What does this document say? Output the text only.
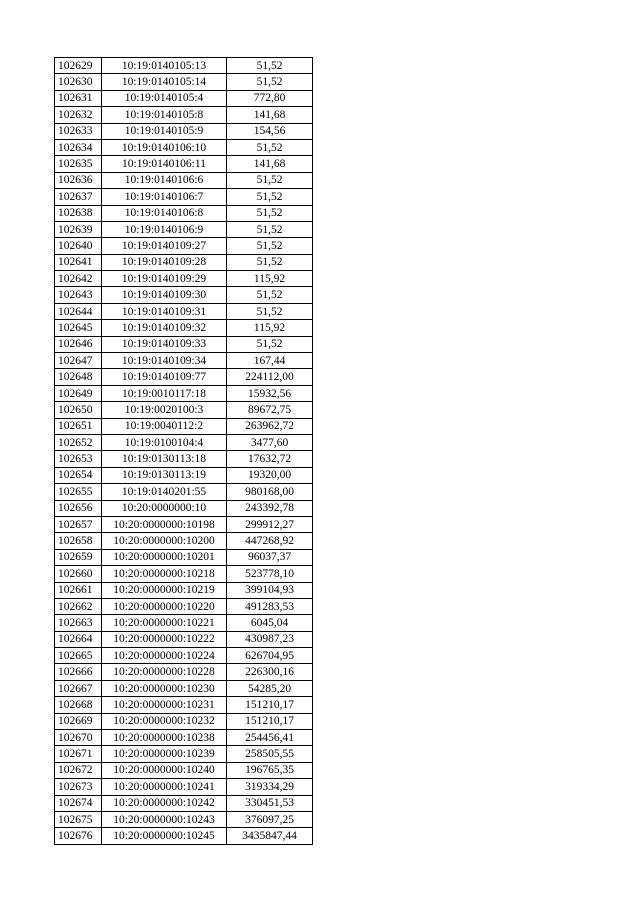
102629	10:19:0140105:13	51,52
102630	10:19:0140105:14	51,52
102631	10:19:0140105:4	772,80
102632	10:19:0140105:8	141,68
102633	10:19:0140105:9	154,56
102634	10:19:0140106:10	51,52
102635	10:19:0140106:11	141,68
102636	10:19:0140106:6	51,52
102637	10:19:0140106:7	51,52
102638	10:19:0140106:8	51,52
102639	10:19:0140106:9	51,52
102640	10:19:0140109:27	51,52
102641	10:19:0140109:28	51,52
102642	10:19:0140109:29	115,92
102643	10:19:0140109:30	51,52
102644	10:19:0140109:31	51,52
102645	10:19:0140109:32	115,92
102646	10:19:0140109:33	51,52
102647	10:19:0140109:34	167,44
102648	10:19:0140109:77	224112,00
102649	10:19:0010117:18	15932,56
102650	10:19:0020100:3	89672,75
102651	10:19:0040112:2	263962,72
102652	10:19:0100104:4	3477,60
102653	10:19:0130113:18	17632,72
102654	10:19:0130113:19	19320,00
102655	10:19:0140201:55	980168,00
102656	10:20:0000000:10	243392,78
102657	10:20:0000000:10198	299912,27
102658	10:20:0000000:10200	447268,92
102659	10:20:0000000:10201	96037,37
102660	10:20:0000000:10218	523778,10
102661	10:20:0000000:10219	399104,93
102662	10:20:0000000:10220	491283,53
102663	10:20:0000000:10221	6045,04
102664	10:20:0000000:10222	430987,23
102665	10:20:0000000:10224	626704,95
102666	10:20:0000000:10228	226300,16
102667	10:20:0000000:10230	54285,20
102668	10:20:0000000:10231	151210,17
102669	10:20:0000000:10232	151210,17
102670	10:20:0000000:10238	254456,41
102671	10:20:0000000:10239	258505,55
102672	10:20:0000000:10240	196765,35
102673	10:20:0000000:10241	319334,29
102674	10:20:0000000:10242	330451,53
102675	10:20:0000000:10243	376097,25
102676	10:20:0000000:10245	3435847,44
